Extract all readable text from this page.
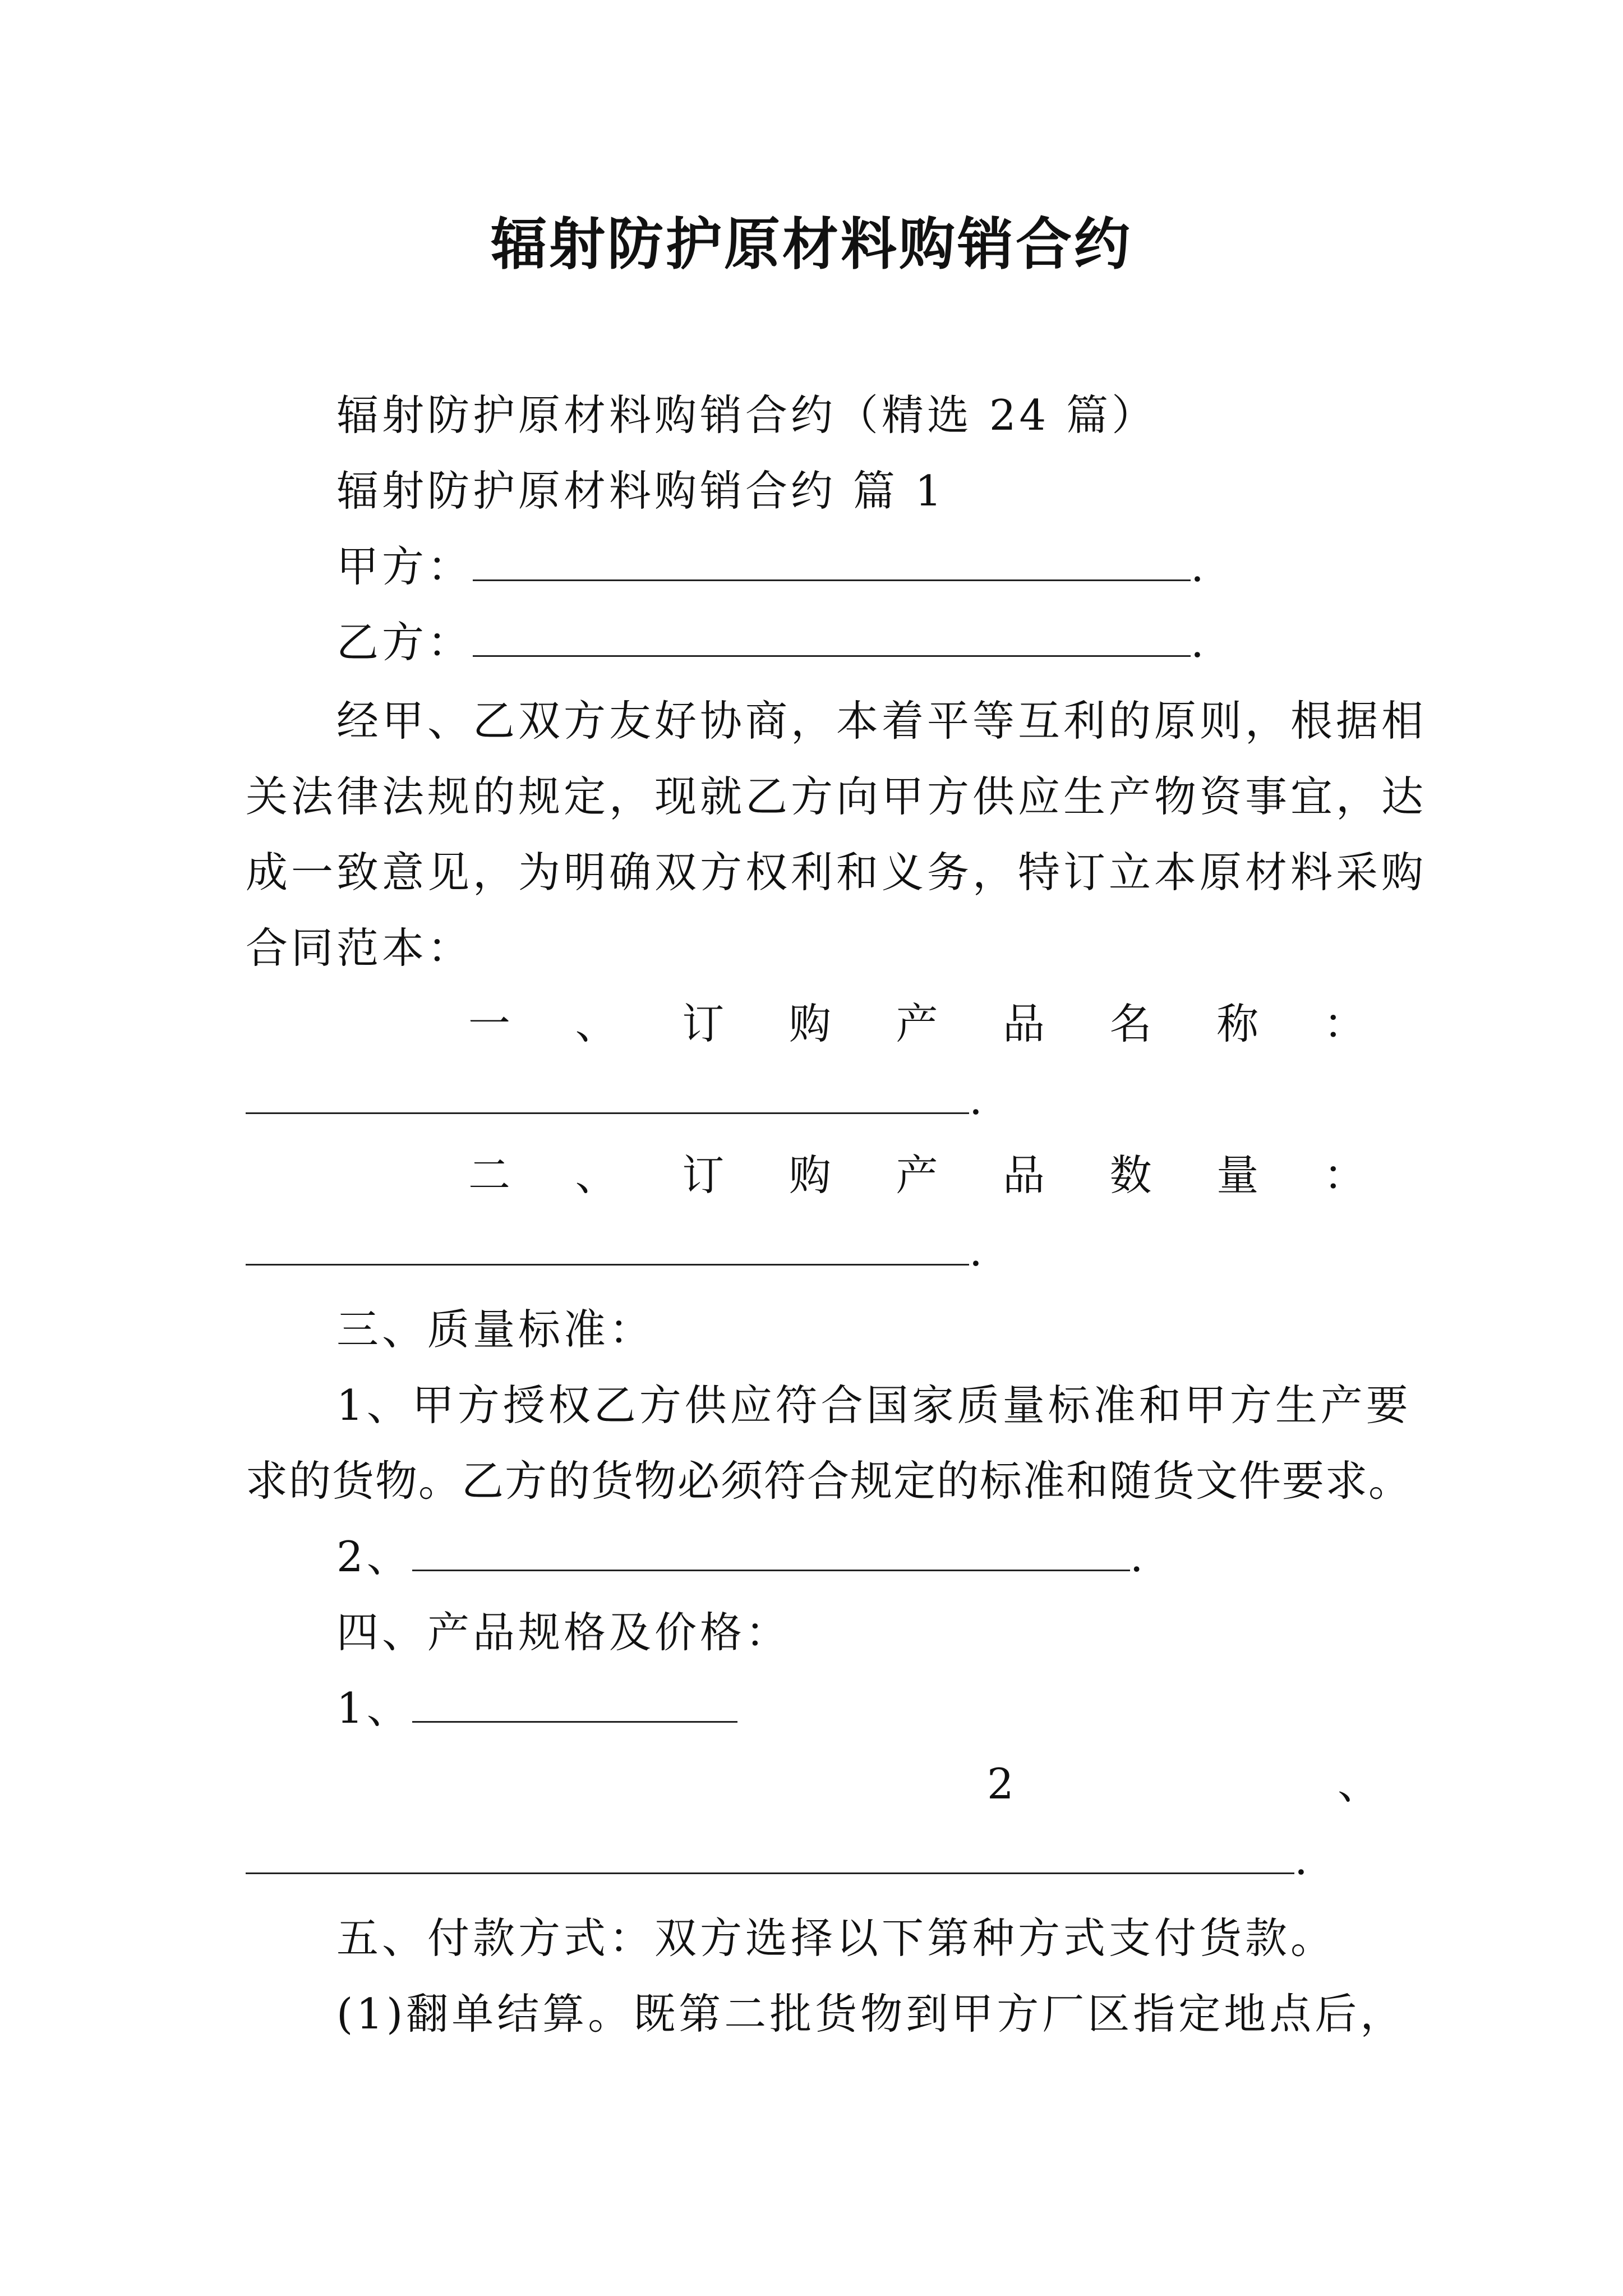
辐射防护原材料购销合约
辐射防护原材料购销合约（精选 24 篇）
辐射防护原材料购销合约 篇 1
甲方：	.
乙方：	.
经甲、乙双方友好协商，本着平等互利的原则，根据相
关法律法规的规定，现就乙方向甲方供应生产物资事宜，达
成一致意见，为明确双方权利和义务，特订立本原材料采购
合同范本：
一 、 订 购 产 品 名 称 ：
.
二 、 订 购 产 品 数 量 ：
.
三、质量标准：
1、甲方授权乙方供应符合国家质量标准和甲方生产要
求的货物。乙方的货物必须符合规定的标准和随货文件要求。
2、	.
四、产品规格及价格：
1、
2	、
.
五、付款方式：双方选择以下第种方式支付货款。
(1)翻单结算。既第二批货物到甲方厂区指定地点后，
